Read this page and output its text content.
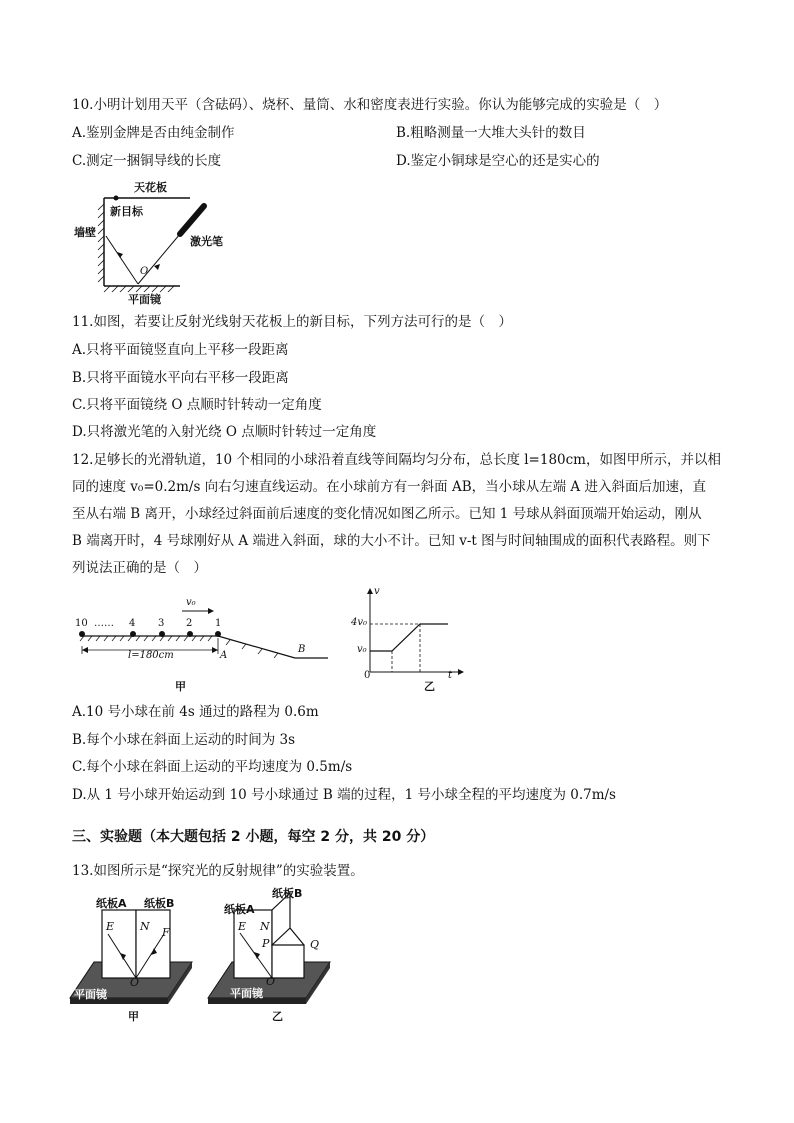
10.小明计划用天平（含砝码）、烧杯、量筒、水和密度表进行实验。你认为能够完成的实验是（　）
A.鉴别金牌是否由纯金制作	B.粗略测量一大堆大头针的数目
C.测定一捆铜导线的长度	D.鉴定小铜球是空心的还是实心的
天花板
新目标
墙壁
激光笔
O
平面镜
11.如图，若要让反射光线射天花板上的新目标，下列方法可行的是（　）
A.只将平面镜竖直向上平移一段距离
B.只将平面镜水平向右平移一段距离
C.只将平面镜绕 O 点顺时针转动一定角度
D.只将激光笔的入射光绕 O 点顺时针转过一定角度
12.足够长的光滑轨道，10 个相同的小球沿着直线等间隔均匀分布，总长度 l=180cm，如图甲所示，并以相
同的速度 v₀=0.2m/s 向右匀速直线运动。在小球前方有一斜面 AB，当小球从左端 A 进入斜面后加速，直
至从右端 B 离开，小球经过斜面前后速度的变化情况如图乙所示。已知 1 号球从斜面顶端开始运动，刚从
B 端离开时，4 号球刚好从 A 端进入斜面，球的大小不计。已知 v-t 图与时间轴围成的面积代表路程。则下
列说法正确的是（　）
10 …… 4 3 2 1
v₀
l=180cm	A
B
甲
v
t
0
4v₀
v₀
乙
A.10 号小球在前 4s 通过的路程为 0.6m
B.每个小球在斜面上运动的时间为 3s
C.每个小球在斜面上运动的平均速度为 0.5m/s
D.从 1 号小球开始运动到 10 号小球通过 B 端的过程，1 号小球全程的平均速度为 0.7m/s
三、实验题（本大题包括 2 小题，每空 2 分，共 20 分）
13.如图所示是“探究光的反射规律”的实验装置。
纸板A 纸板B
E N F
O
平面镜
甲
纸板A
纸板B
E N
P	Q
O
平面镜
乙
